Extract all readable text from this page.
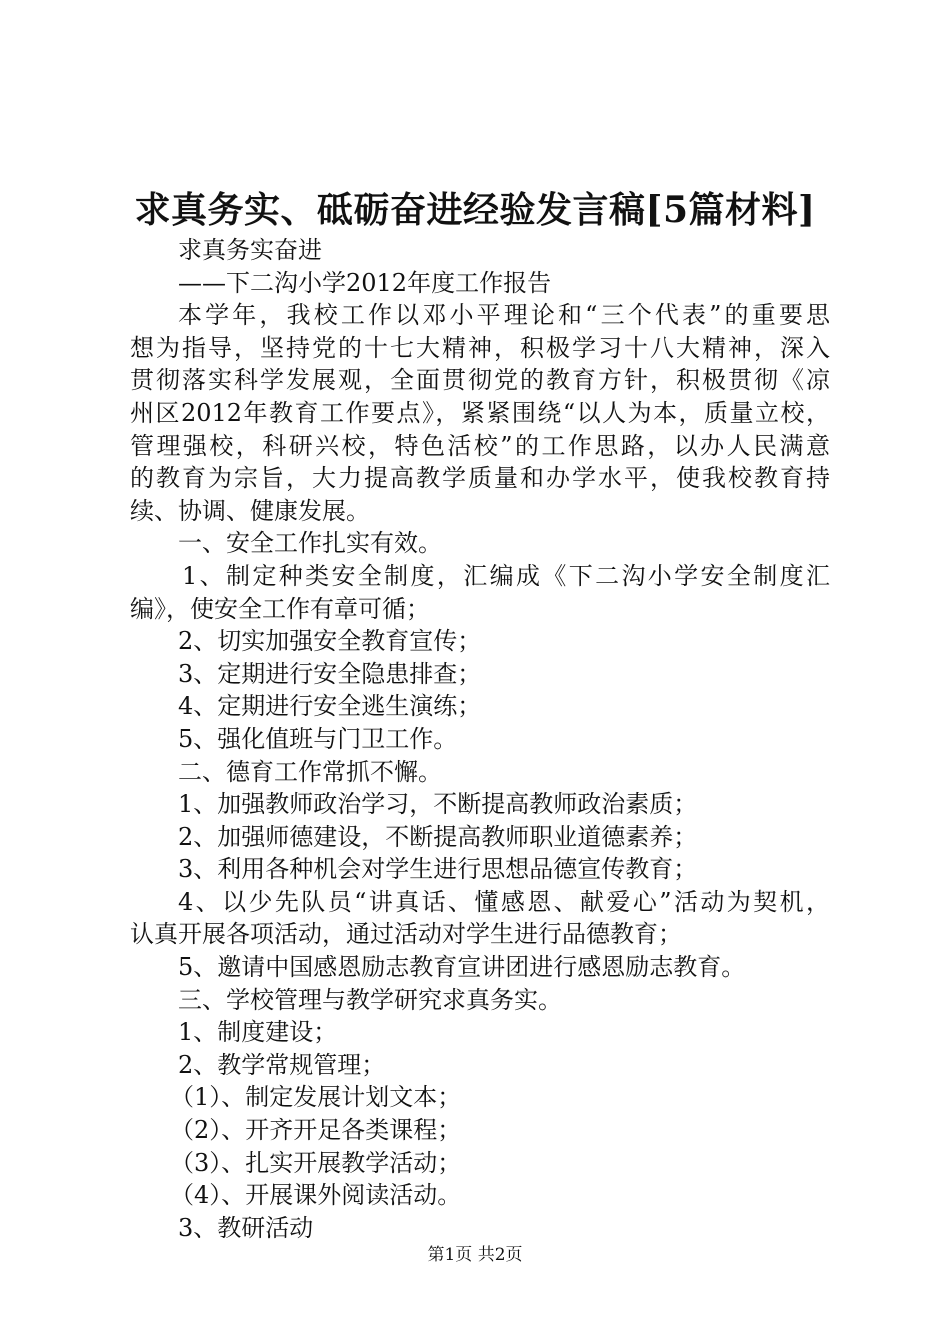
求真务实、砥砺奋进经验发言稿[5篇材料]
求真务实奋进
——下二沟小学2012年度工作报告
本学年，我校工作以邓小平理论和“三个代表”的重要思
想为指导，坚持党的十七大精神，积极学习十八大精神，深入
贯彻落实科学发展观，全面贯彻党的教育方针，积极贯彻《凉
州区2012年教育工作要点》，紧紧围绕“以人为本，质量立校，
管理强校，科研兴校，特色活校”的工作思路，以办人民满意
的教育为宗旨，大力提高教学质量和办学水平，使我校教育持
续、协调、健康发展。
一、安全工作扎实有效。
1、制定种类安全制度，汇编成《下二沟小学安全制度汇
编》，使安全工作有章可循；
2、切实加强安全教育宣传；
3、定期进行安全隐患排查；
4、定期进行安全逃生演练；
5、强化值班与门卫工作。
二、德育工作常抓不懈。
1、加强教师政治学习，不断提高教师政治素质；
2、加强师德建设，不断提高教师职业道德素养；
3、利用各种机会对学生进行思想品德宣传教育；
4、以少先队员“讲真话、懂感恩、献爱心”活动为契机，
认真开展各项活动，通过活动对学生进行品德教育；
5、邀请中国感恩励志教育宣讲团进行感恩励志教育。
三、学校管理与教学研究求真务实。
1、制度建设；
2、教学常规管理；
（1）、制定发展计划文本；
（2）、开齐开足各类课程；
（3）、扎实开展教学活动；
（4）、开展课外阅读活动。
3、教研活动
第1页 共2页
